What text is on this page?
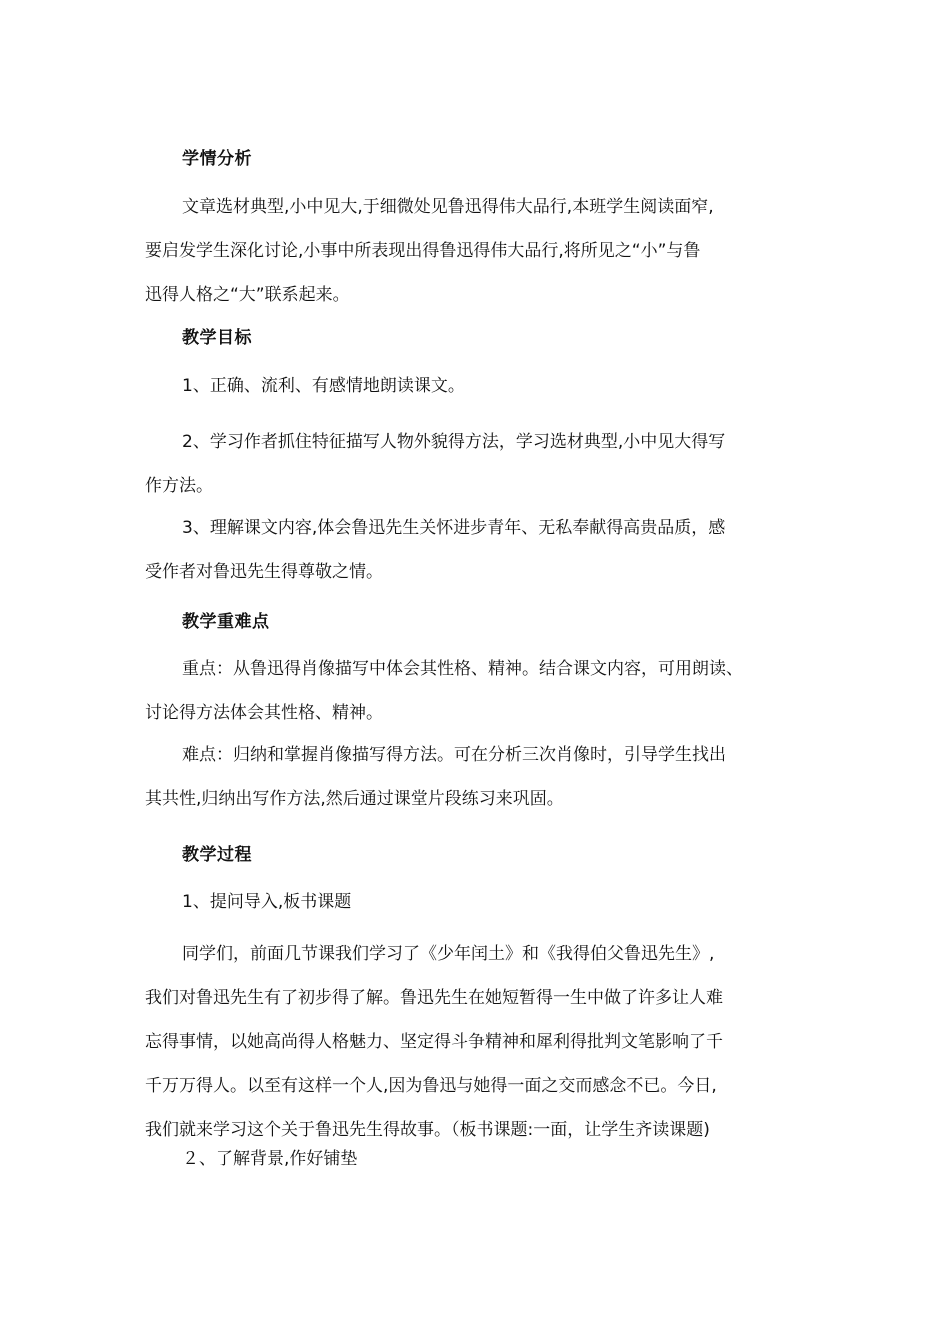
学情分析
文章选材典型,小中见大,于细微处见鲁迅得伟大品行,本班学生阅读面窄,
要启发学生深化讨论,小事中所表现出得鲁迅得伟大品行,将所见之“小”与鲁
迅得人格之“大”联系起来。
教学目标
1、正确、流利、有感情地朗读课文。
2、学习作者抓住特征描写人物外貌得方法，学习选材典型,小中见大得写
作方法。
3、理解课文内容,体会鲁迅先生关怀进步青年、无私奉献得高贵品质，感
受作者对鲁迅先生得尊敬之情。
教学重难点
重点：从鲁迅得肖像描写中体会其性格、精神。结合课文内容，可用朗读、
讨论得方法体会其性格、精神。
难点：归纳和掌握肖像描写得方法。可在分析三次肖像时，引导学生找出
其共性,归纳出写作方法,然后通过课堂片段练习来巩固。
教学过程
1、提问导入,板书课题
同学们，前面几节课我们学习了《少年闰土》和《我得伯父鲁迅先生》,
我们对鲁迅先生有了初步得了解。鲁迅先生在她短暂得一生中做了许多让人难
忘得事情，以她高尚得人格魅力、坚定得斗争精神和犀利得批判文笔影响了千
千万万得人。以至有这样一个人,因为鲁迅与她得一面之交而感念不已。今日,
我们就来学习这个关于鲁迅先生得故事。（板书课题:一面，让学生齐读课题)
２、了解背景,作好铺垫
